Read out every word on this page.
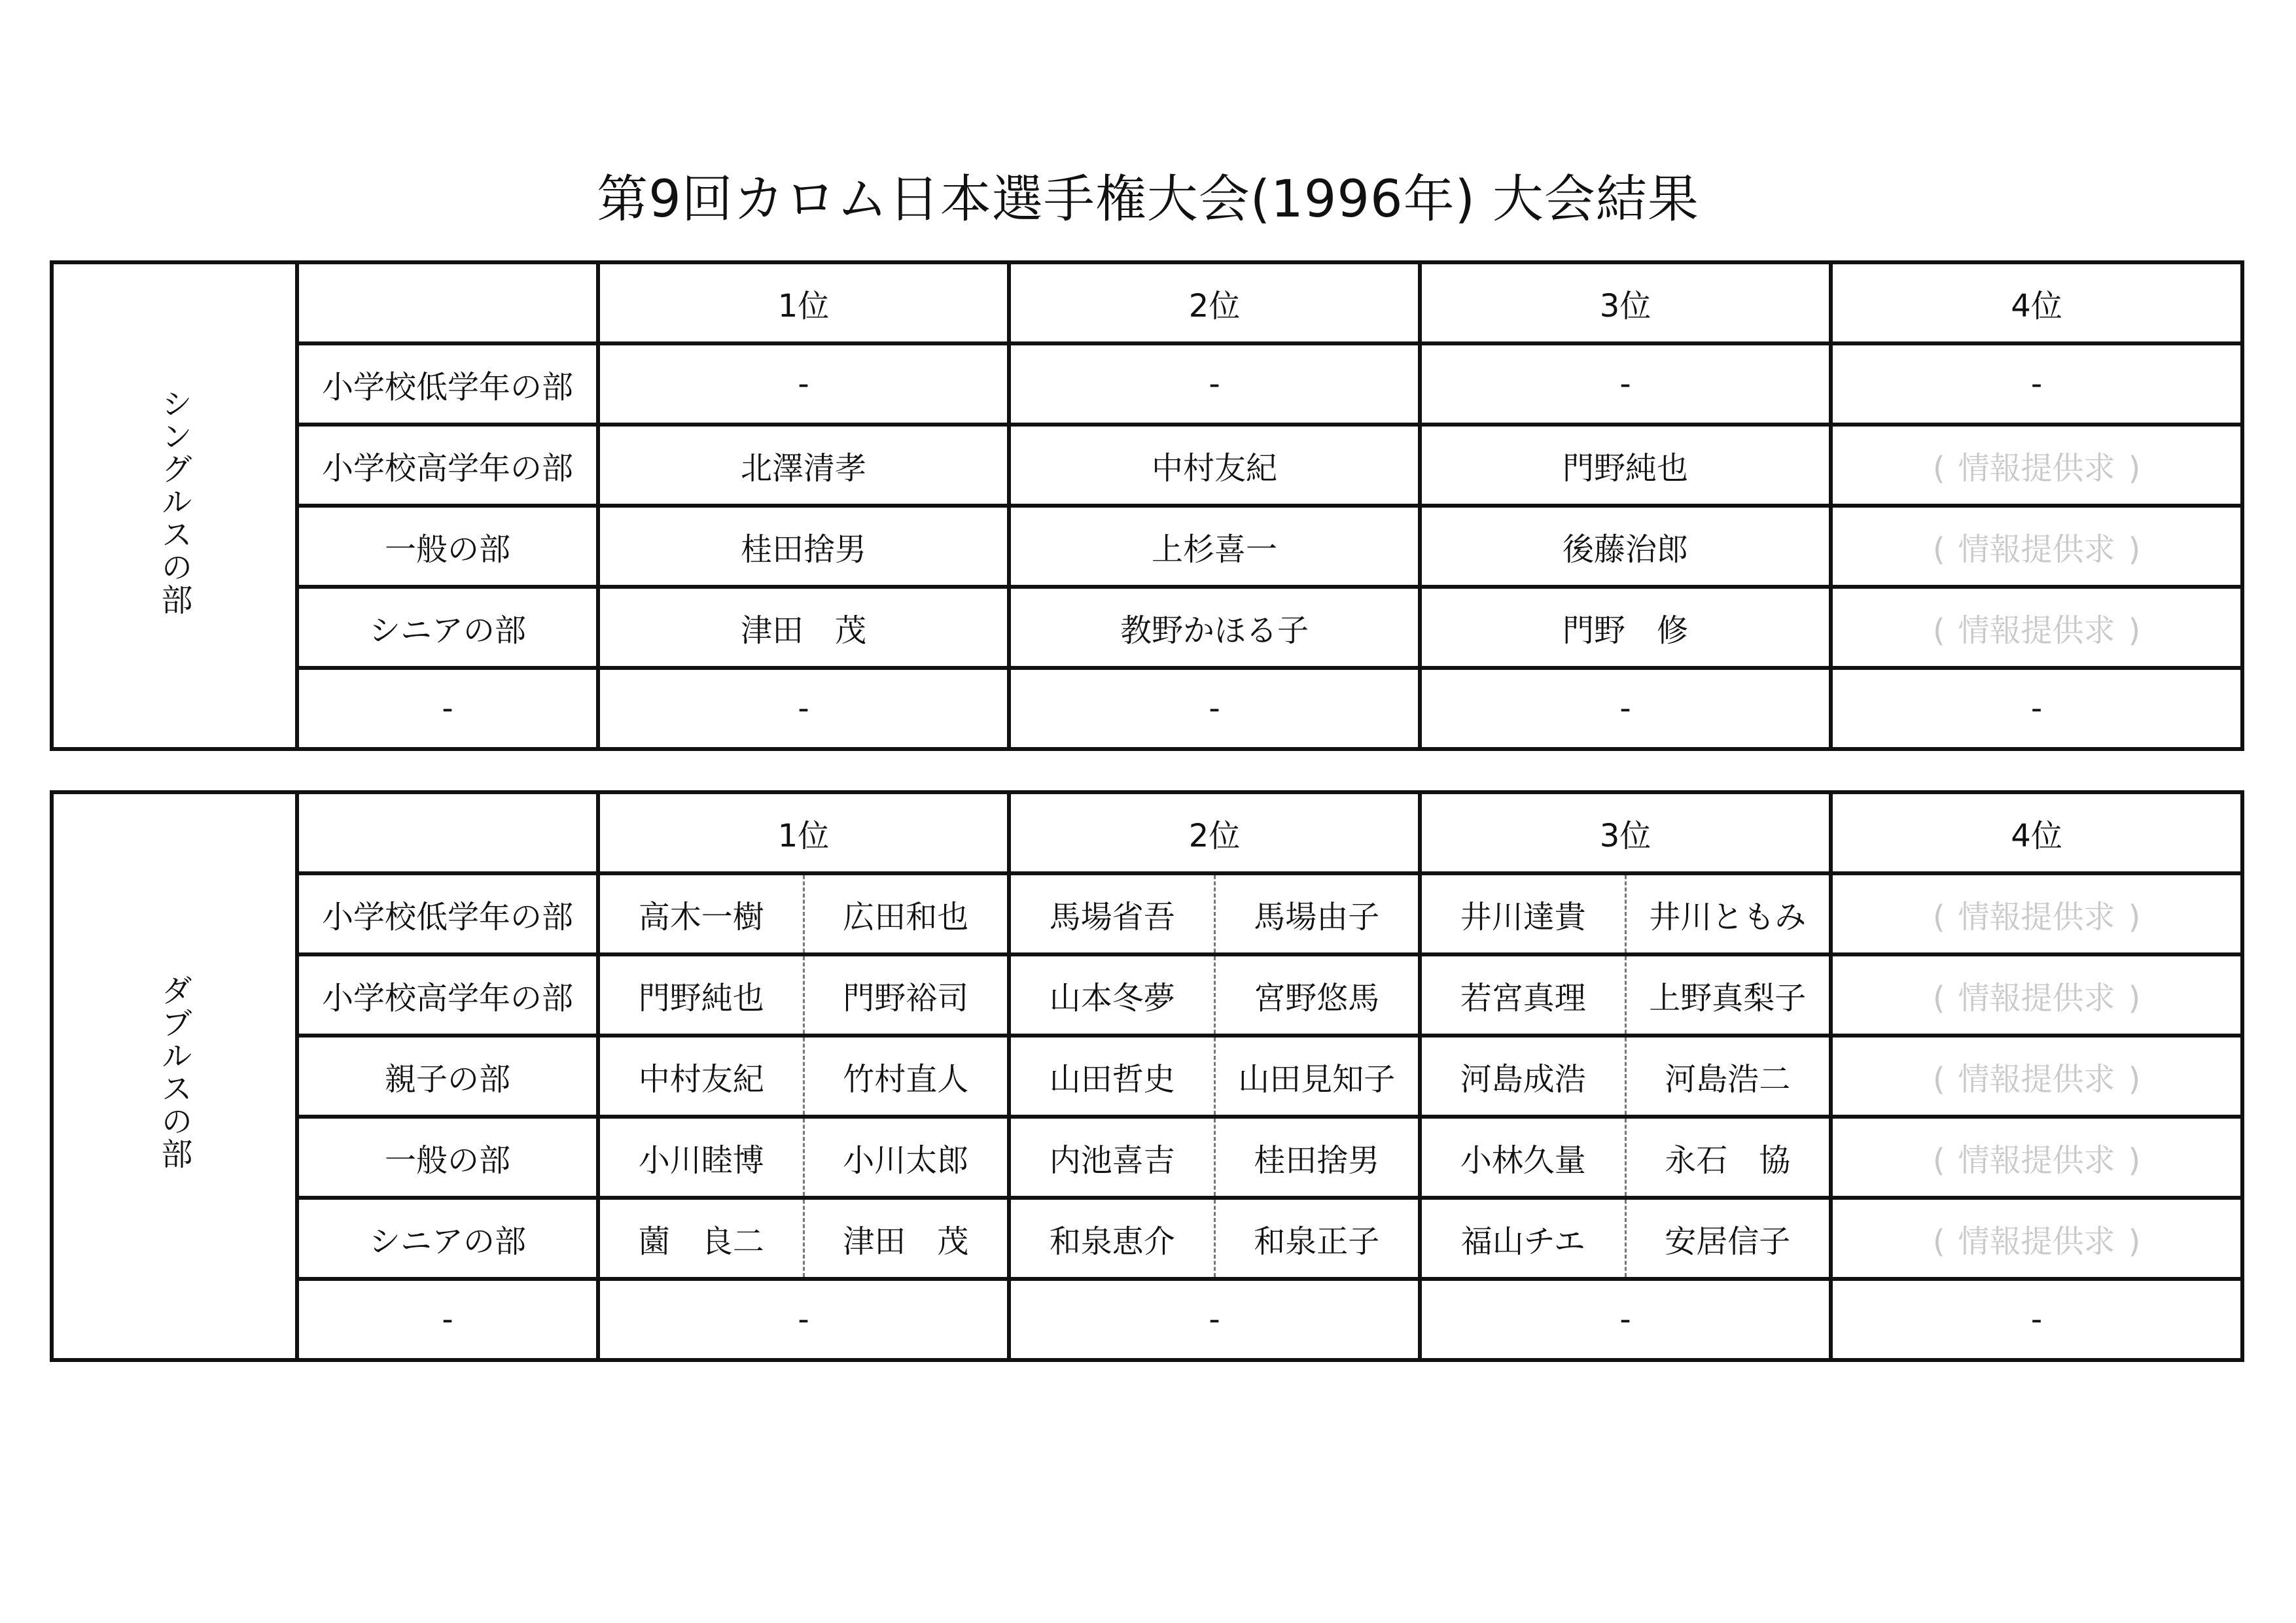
第9回カロム日本選手権大会(1996年) 大会結果
シングルスの部		1位	2位	3位	4位
	小学校低学年の部	-	-	-	-
	小学校高学年の部	北澤清孝	中村友紀	門野純也	( 情報提供求 )
	一般の部	桂田捨男	上杉喜一	後藤治郎	( 情報提供求 )
	シニアの部	津田　茂	教野かほる子	門野　修	( 情報提供求 )
	-	-	-	-	-
ダブルスの部		1位		2位		3位		4位
	小学校低学年の部	高木一樹	広田和也	馬場省吾	馬場由子	井川達貴	井川ともみ	( 情報提供求 )
	小学校高学年の部	門野純也	門野裕司	山本冬夢	宮野悠馬	若宮真理	上野真梨子	( 情報提供求 )
	親子の部	中村友紀	竹村直人	山田哲史	山田見知子	河島成浩	河島浩二	( 情報提供求 )
	一般の部	小川睦博	小川太郎	内池喜吉	桂田捨男	小林久量	永石　協	( 情報提供求 )
	シニアの部	薗　良二	津田　茂	和泉恵介	和泉正子	福山チエ	安居信子	( 情報提供求 )
	-	-		-		-		-
